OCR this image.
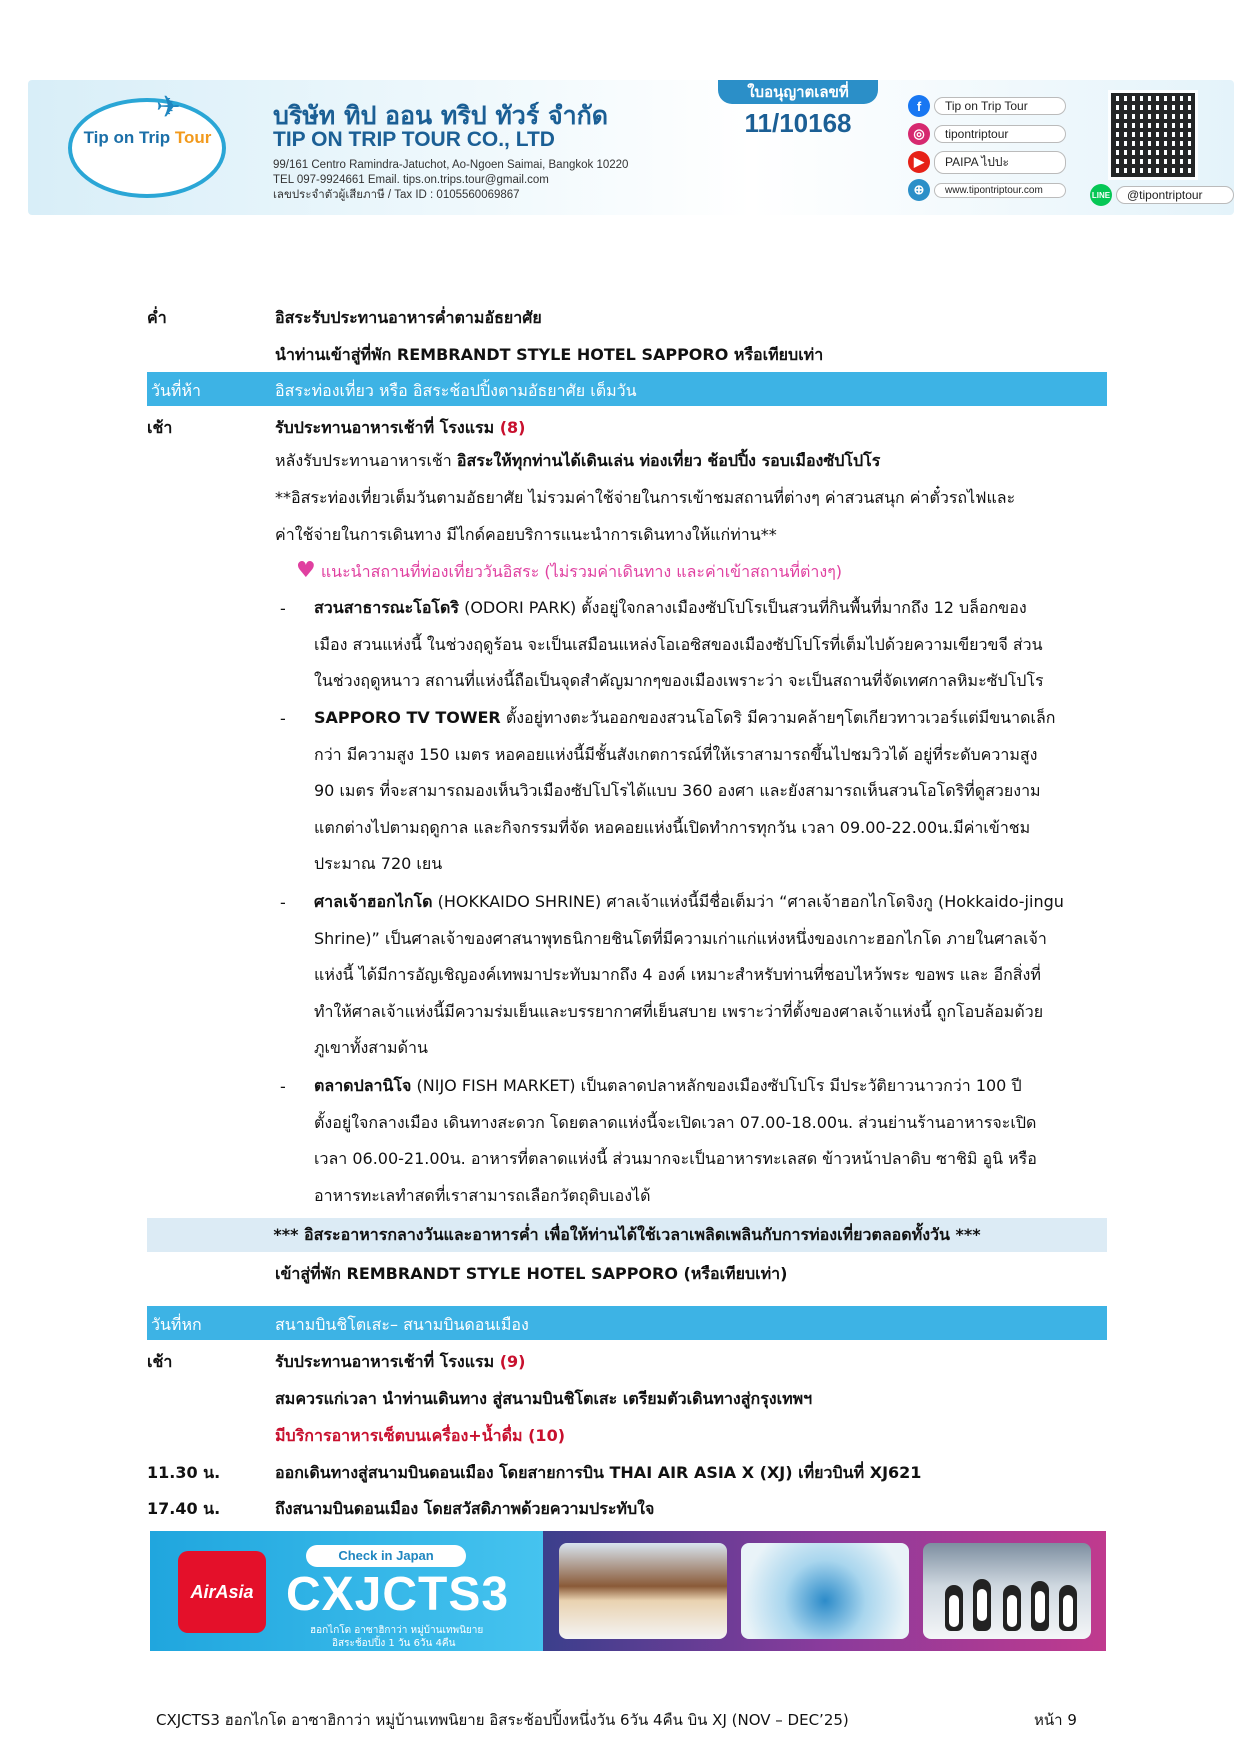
✈
Tip on Trip Tour
บริษัท ทิป ออน ทริป ทัวร์ จำกัด
TIP ON TRIP TOUR CO., LTD
99/161 Centro Ramindra-Jatuchot, Ao-Ngoen Saimai, Bangkok 10220
TEL 097-9924661 Email. tips.on.trips.tour@gmail.com
เลขประจำตัวผู้เสียภาษี / Tax ID : 0105560069867
ใบอนุญาตเลขที่
11/10168
f	Tip on Trip Tour
◎	tipontriptour
▶	PAIPA ไปปะ
⊕	www.tipontriptour.com	LINE	@tipontriptour
ค่ำ	อิสระรับประทานอาหารค่ำตามอัธยาศัย
นำท่านเข้าสู่ที่พัก REMBRANDT STYLE HOTEL SAPPORO หรือเทียบเท่า
วันที่ห้า	อิสระท่องเที่ยว หรือ อิสระช้อปปิ้งตามอัธยาศัย เต็มวัน
เช้า	รับประทานอาหารเช้าที่ โรงแรม (8)
หลังรับประทานอาหารเช้า อิสระให้ทุกท่านได้เดินเล่น ท่องเที่ยว ช้อปปิ้ง รอบเมืองซัปโปโร
**อิสระท่องเที่ยวเต็มวันตามอัธยาศัย ไม่รวมค่าใช้จ่ายในการเข้าชมสถานที่ต่างๆ ค่าสวนสนุก ค่าตั๋วรถไฟและ
ค่าใช้จ่ายในการเดินทาง มีไกด์คอยบริการแนะนำการเดินทางให้แก่ท่าน**
♥ แนะนำสถานที่ท่องเที่ยววันอิสระ (ไม่รวมค่าเดินทาง และค่าเข้าสถานที่ต่างๆ)
- สวนสาธารณะโอโดริ (ODORI PARK) ตั้งอยู่ใจกลางเมืองซัปโปโรเป็นสวนที่กินพื้นที่มากถึง 12 บล็อกของ
เมือง สวนแห่งนี้ ในช่วงฤดูร้อน จะเป็นเสมือนแหล่งโอเอซิสของเมืองซัปโปโรที่เต็มไปด้วยความเขียวขจี ส่วน
ในช่วงฤดูหนาว สถานที่แห่งนี้ถือเป็นจุดสำคัญมากๆของเมืองเพราะว่า จะเป็นสถานที่จัดเทศกาลหิมะซัปโปโร
- SAPPORO TV TOWER ตั้งอยู่ทางตะวันออกของสวนโอโดริ มีความคล้ายๆโตเกียวทาวเวอร์แต่มีขนาดเล็ก
กว่า มีความสูง 150 เมตร หอคอยแห่งนี้มีชั้นสังเกตการณ์ที่ให้เราสามารถขึ้นไปชมวิวได้ อยู่ที่ระดับความสูง
90 เมตร ที่จะสามารถมองเห็นวิวเมืองซัปโปโรได้แบบ 360 องศา และยังสามารถเห็นสวนโอโดริที่ดูสวยงาม
แตกต่างไปตามฤดูกาล และกิจกรรมที่จัด หอคอยแห่งนี้เปิดทำการทุกวัน เวลา 09.00-22.00น.มีค่าเข้าชม
ประมาณ 720 เยน
- ศาลเจ้าฮอกไกโด (HOKKAIDO SHRINE) ศาลเจ้าแห่งนี้มีชื่อเต็มว่า “ศาลเจ้าฮอกไกโดจิงกู (Hokkaido-jingu
Shrine)” เป็นศาลเจ้าของศาสนาพุทธนิกายชินโตที่มีความเก่าแก่แห่งหนึ่งของเกาะฮอกไกโด ภายในศาลเจ้า
แห่งนี้ ได้มีการอัญเชิญองค์เทพมาประทับมากถึง 4 องค์ เหมาะสำหรับท่านที่ชอบไหว้พระ ขอพร และ อีกสิ่งที่
ทำให้ศาลเจ้าแห่งนี้มีความร่มเย็นและบรรยากาศที่เย็นสบาย เพราะว่าที่ตั้งของศาลเจ้าแห่งนี้ ถูกโอบล้อมด้วย
ภูเขาทั้งสามด้าน
- ตลาดปลานิโจ (NIJO FISH MARKET) เป็นตลาดปลาหลักของเมืองซัปโปโร มีประวัติยาวนาวกว่า 100 ปี
ตั้งอยู่ใจกลางเมือง เดินทางสะดวก โดยตลาดแห่งนี้จะเปิดเวลา 07.00-18.00น. ส่วนย่านร้านอาหารจะเปิด
เวลา 06.00-21.00น. อาหารที่ตลาดแห่งนี้ ส่วนมากจะเป็นอาหารทะเลสด ข้าวหน้าปลาดิบ ซาชิมิ อูนิ หรือ
อาหารทะเลทำสดที่เราสามารถเลือกวัตถุดิบเองได้
*** อิสระอาหารกลางวันและอาหารค่ำ เพื่อให้ท่านได้ใช้เวลาเพลิดเพลินกับการท่องเที่ยวตลอดทั้งวัน ***
เข้าสู่ที่พัก REMBRANDT STYLE HOTEL SAPPORO (หรือเทียบเท่า)
วันที่หก	สนามบินชิโตเสะ– สนามบินดอนเมือง
เช้า	รับประทานอาหารเช้าที่ โรงแรม (9)
สมควรแก่เวลา นำท่านเดินทาง สู่สนามบินชิโตเสะ เตรียมตัวเดินทางสู่กรุงเทพฯ
มีบริการอาหารเซ็ตบนเครื่อง+น้ำดื่ม (10)
11.30 น.	ออกเดินทางสู่สนามบินดอนเมือง โดยสายการบิน THAI AIR ASIA X (XJ) เที่ยวบินที่ XJ621
17.40 น.	ถึงสนามบินดอนเมือง โดยสวัสดิภาพด้วยความประทับใจ
AirAsia
Check in Japan
CXJCTS3
ฮอกไกโด อาซาฮิกาว่า หมู่บ้านเทพนิยาย
อิสระช้อปปิ้ง 1 วัน 6วัน 4คืน
CXJCTS3 ฮอกไกโด อาซาฮิกาว่า หมู่บ้านเทพนิยาย อิสระช้อปปิ้งหนึ่งวัน 6วัน 4คืน บิน XJ (NOV – DEC’25)	หน้า 9
